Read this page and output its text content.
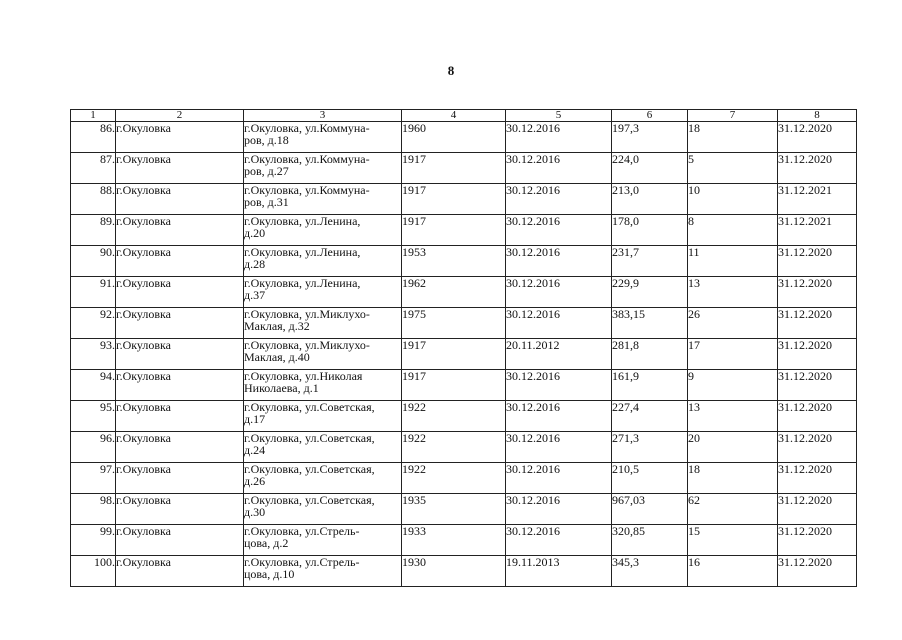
8
1	2	3	4	5	6	7	8
86.	г.Окуловка	г.Окуловка, ул.Коммуна-
ров, д.18	1960	30.12.2016	197,3	18	31.12.2020
87.	г.Окуловка	г.Окуловка, ул.Коммуна-
ров, д.27	1917	30.12.2016	224,0	5	31.12.2020
88.	г.Окуловка	г.Окуловка, ул.Коммуна-
ров, д.31	1917	30.12.2016	213,0	10	31.12.2021
89.	г.Окуловка	г.Окуловка, ул.Ленина,
д.20	1917	30.12.2016	178,0	8	31.12.2021
90.	г.Окуловка	г.Окуловка, ул.Ленина,
д.28	1953	30.12.2016	231,7	11	31.12.2020
91.	г.Окуловка	г.Окуловка, ул.Ленина,
д.37	1962	30.12.2016	229,9	13	31.12.2020
92.	г.Окуловка	г.Окуловка, ул.Миклухо-
Маклая, д.32	1975	30.12.2016	383,15	26	31.12.2020
93.	г.Окуловка	г.Окуловка, ул.Миклухо-
Маклая, д.40	1917	20.11.2012	281,8	17	31.12.2020
94.	г.Окуловка	г.Окуловка, ул.Николая
Николаева, д.1	1917	30.12.2016	161,9	9	31.12.2020
95.	г.Окуловка	г.Окуловка, ул.Советская,
д.17	1922	30.12.2016	227,4	13	31.12.2020
96.	г.Окуловка	г.Окуловка, ул.Советская,
д.24	1922	30.12.2016	271,3	20	31.12.2020
97.	г.Окуловка	г.Окуловка, ул.Советская,
д.26	1922	30.12.2016	210,5	18	31.12.2020
98.	г.Окуловка	г.Окуловка, ул.Советская,
д.30	1935	30.12.2016	967,03	62	31.12.2020
99.	г.Окуловка	г.Окуловка, ул.Стрель-
цова, д.2	1933	30.12.2016	320,85	15	31.12.2020
100.	г.Окуловка	г.Окуловка, ул.Стрель-
цова, д.10	1930	19.11.2013	345,3	16	31.12.2020
